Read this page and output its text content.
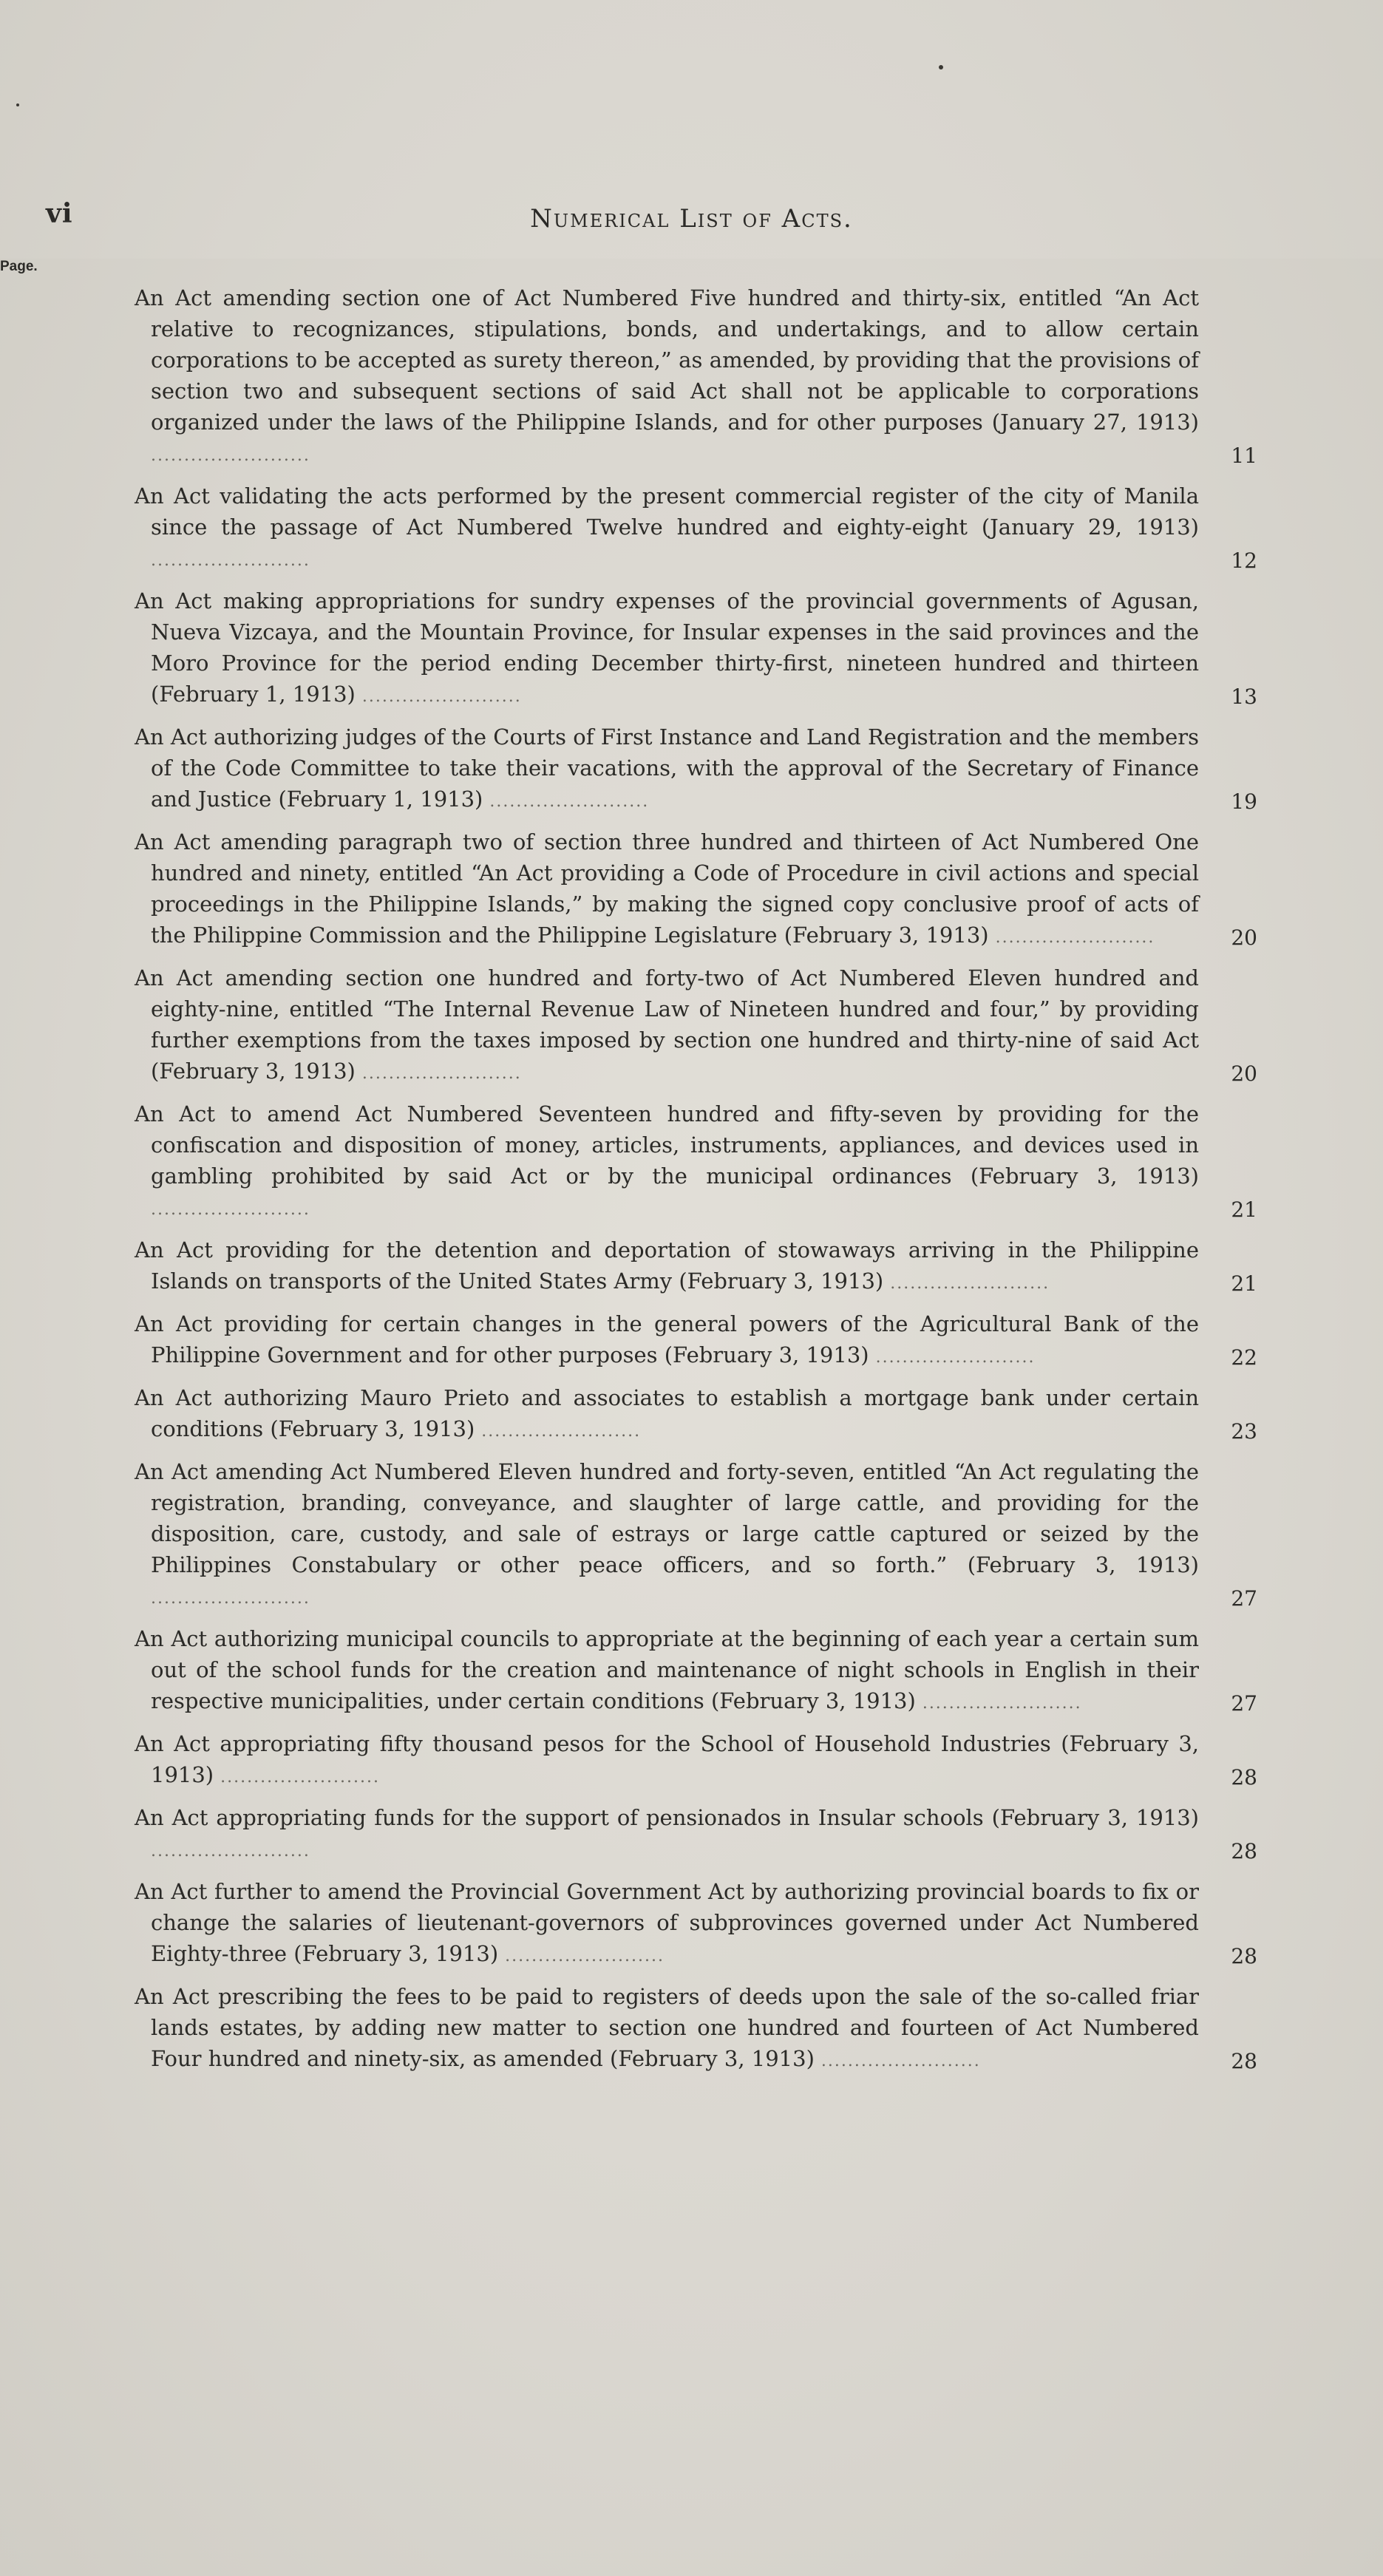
vi	Numerical List of Acts.
Page.
An Act amending section one of Act Numbered Five hundred and thirty-six, entitled “An Act relative to recognizances, stipulations, bonds, and undertakings, and to allow certain corporations to be accepted as surety thereon,” as amended, by providing that the provisions of section two and subsequent sections of said Act shall not be applicable to corporations organized under the laws of the Philippine Islands, and for other purposes (January 27, 1913) ........................	11
An Act validating the acts performed by the present commercial register of the city of Manila since the passage of Act Numbered Twelve hundred and eighty-eight (January 29, 1913) ........................	12
An Act making appropriations for sundry expenses of the provincial governments of Agusan, Nueva Vizcaya, and the Mountain Province, for Insular expenses in the said provinces and the Moro Province for the period ending December thirty-first, nineteen hundred and thirteen (February 1, 1913) ........................	13
An Act authorizing judges of the Courts of First Instance and Land Registration and the members of the Code Committee to take their vacations, with the approval of the Secretary of Finance and Justice (February 1, 1913) ........................	19
An Act amending paragraph two of section three hundred and thirteen of Act Numbered One hundred and ninety, entitled “An Act providing a Code of Procedure in civil actions and special proceedings in the Philippine Islands,” by making the signed copy conclusive proof of acts of the Philippine Commission and the Philippine Legislature (February 3, 1913) ........................	20
An Act amending section one hundred and forty-two of Act Numbered Eleven hundred and eighty-nine, entitled “The Internal Revenue Law of Nineteen hundred and four,” by providing further exemptions from the taxes imposed by section one hundred and thirty-nine of said Act (February 3, 1913) ........................	20
An Act to amend Act Numbered Seventeen hundred and fifty-seven by providing for the confiscation and disposition of money, articles, instruments, appliances, and devices used in gambling prohibited by said Act or by the municipal ordinances (February 3, 1913) ........................	21
An Act providing for the detention and deportation of stowaways arriving in the Philippine Islands on transports of the United States Army (February 3, 1913) ........................	21
An Act providing for certain changes in the general powers of the Agricultural Bank of the Philippine Government and for other purposes (February 3, 1913) ........................	22
An Act authorizing Mauro Prieto and associates to establish a mortgage bank under certain conditions (February 3, 1913) ........................	23
An Act amending Act Numbered Eleven hundred and forty-seven, entitled “An Act regulating the registration, branding, conveyance, and slaughter of large cattle, and providing for the disposition, care, custody, and sale of estrays or large cattle captured or seized by the Philippines Constabulary or other peace officers, and so forth.” (February 3, 1913) ........................	27
An Act authorizing municipal councils to appropriate at the beginning of each year a certain sum out of the school funds for the creation and maintenance of night schools in English in their respective municipalities, under certain conditions (February 3, 1913) ........................	27
An Act appropriating fifty thousand pesos for the School of Household Industries (February 3, 1913) ........................	28
An Act appropriating funds for the support of pensionados in Insular schools (February 3, 1913) ........................	28
An Act further to amend the Provincial Government Act by authorizing provincial boards to fix or change the salaries of lieutenant-governors of subprovinces governed under Act Numbered Eighty-three (February 3, 1913) ........................	28
An Act prescribing the fees to be paid to registers of deeds upon the sale of the so-called friar lands estates, by adding new matter to section one hundred and fourteen of Act Numbered Four hundred and ninety-six, as amended (February 3, 1913) ........................	28
